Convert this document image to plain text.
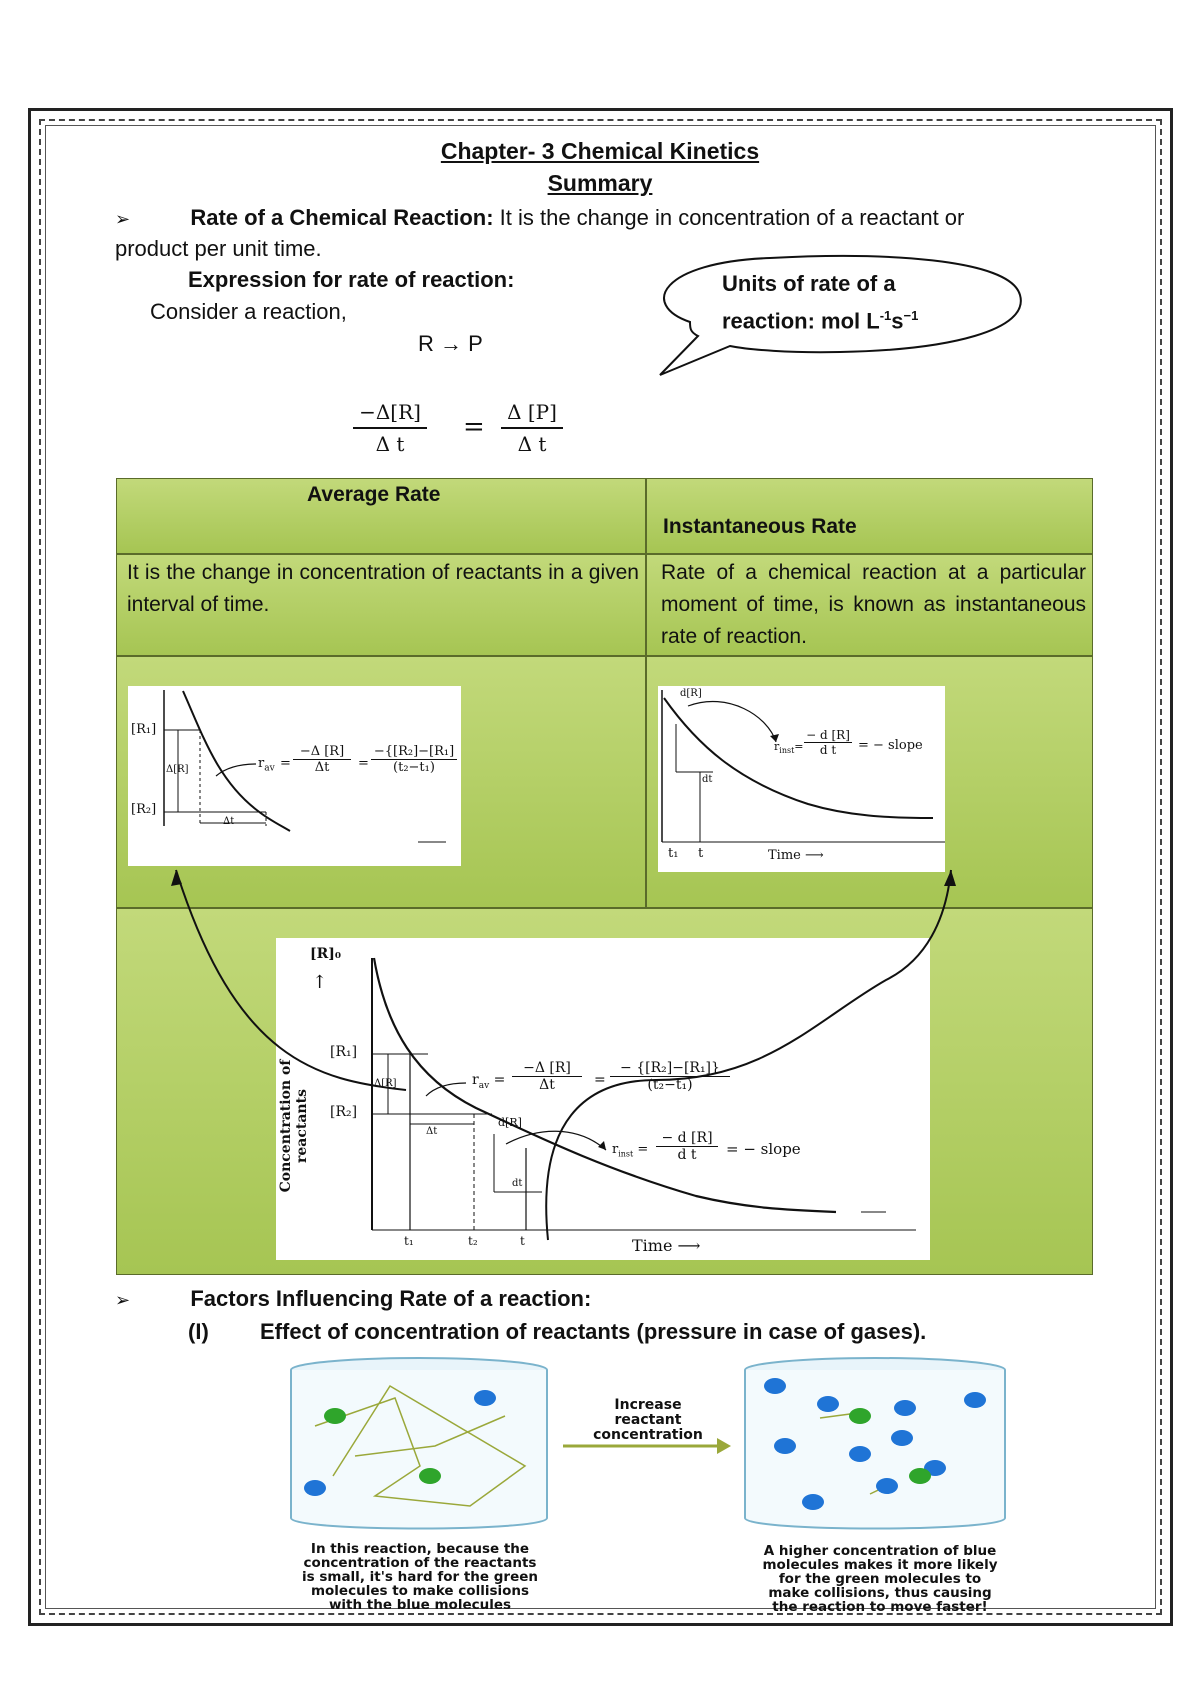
Chapter- 3 Chemical Kinetics
Summary
➢	Rate of a Chemical Reaction: It is the change in concentration of a reactant or
product per unit time.
Expression for rate of reaction:
Consider a reaction,
R → P
$\frac{-\Delta[R]}{\text{Δ t}} = \frac{\Delta [P]}{\text{Δ t}}$
Units of rate of a
reaction: mol $L^{-1}s^{-1}$
Average Rate
Instantaneous Rate
It is the change in concentration of reactants in a given interval of time.
Rate of a chemical reaction at a particular moment of time, is known as instantaneous rate of reaction.
[R₁]
[R₂]
Δ[R]
Δt
$r_{av}$ =
−Δ [R]
Δt	=
−{[R₂]−[R₁]
(t₂−t₁)
d[R]
dt
$r_{inst}=$
− d [R]
d t	= − slope
t₁ t	Time ⟶
[R]₀
↑
[R₁]
[R₂]
Concentration of reactants
Δ[R]
Δt
d[R]
dt
$r_{av}$ =
−Δ [R]
Δt	=
− {[R₂]−[R₁]}
(t₂−t₁)
$r_{inst}$ =
− d [R]
d t	= − slope
t₁	t₂	t	Time ⟶
➢	Factors Influencing Rate of a reaction:
(I) Effect of concentration of reactants (pressure in case of gases).
Increase
reactant
concentration
In this reaction, because the
concentration of the reactants
is small, it's hard for the green
molecules to make collisions
with the blue molecules
A higher concentration of blue
molecules makes it more likely
for the green molecules to
make collisions, thus causing
the reaction to move faster!
